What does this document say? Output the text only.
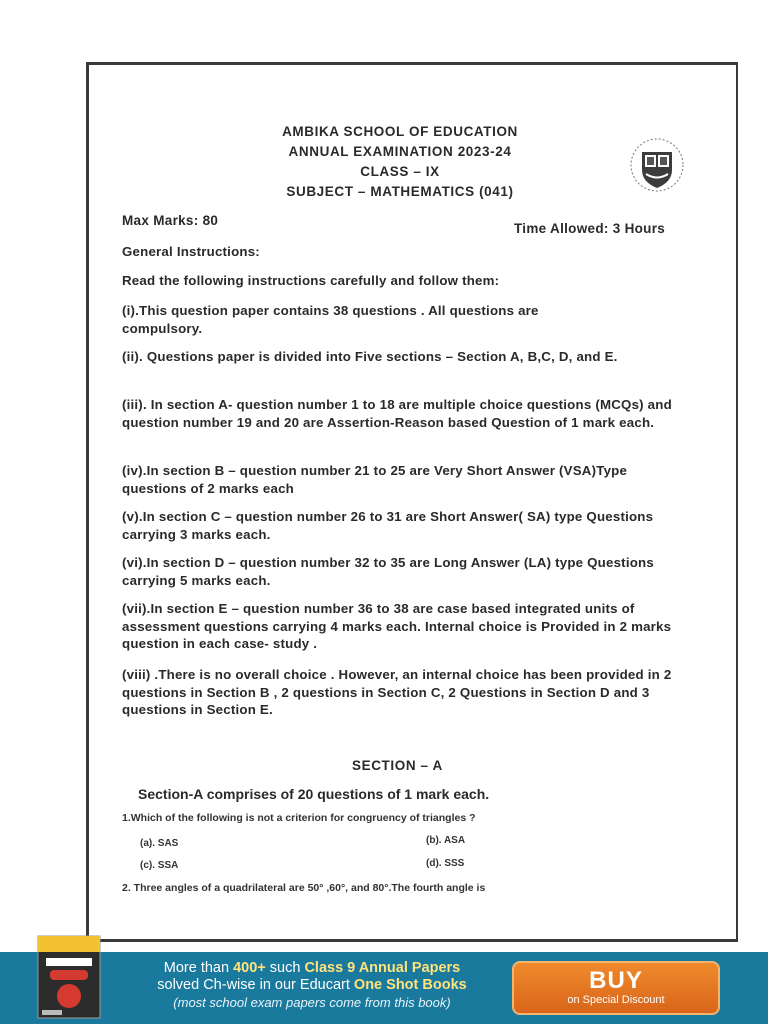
AMBIKA SCHOOL OF EDUCATION
ANNUAL EXAMINATION 2023-24
CLASS – IX
SUBJECT – MATHEMATICS (041)
Max Marks: 80
Time Allowed: 3 Hours
General Instructions:
Read the following instructions carefully and follow them:
(i).This question paper contains 38 questions . All questions are compulsory.
(ii). Questions paper is divided into Five sections – Section A, B,C, D, and E.
(iii). In section A- question number 1 to 18 are multiple choice questions (MCQs) and question number 19 and 20 are Assertion-Reason based Question of 1 mark each.
(iv).In section B – question number 21 to 25 are Very Short Answer (VSA)Type questions of 2 marks each
(v).In section C – question number 26 to 31 are Short Answer( SA) type Questions carrying 3 marks each.
(vi).In section D – question number 32 to 35 are Long Answer (LA) type Questions carrying 5 marks each.
(vii).In section E – question number 36 to 38 are case based integrated units of assessment questions carrying 4 marks each. Internal choice is Provided in 2 marks question in each case- study .
(viii) .There is no overall choice . However, an internal choice has been provided in 2 questions in Section B , 2 questions in Section C, 2 Questions in Section D and 3 questions in Section E.
SECTION – A
Section-A comprises of 20 questions of 1 mark each.
1.Which of the following is not a criterion for congruency of triangles ?
(a). SAS	(b). ASA
(c). SSA	(d). SSS
2. Three angles of a quadrilateral are 50° ,60°, and 80°.The fourth angle is
More than 400+ such Class 9 Annual Papers
solved Ch-wise in our Educart One Shot Books
(most school exam papers come from this book)
BUY
on Special Discount
